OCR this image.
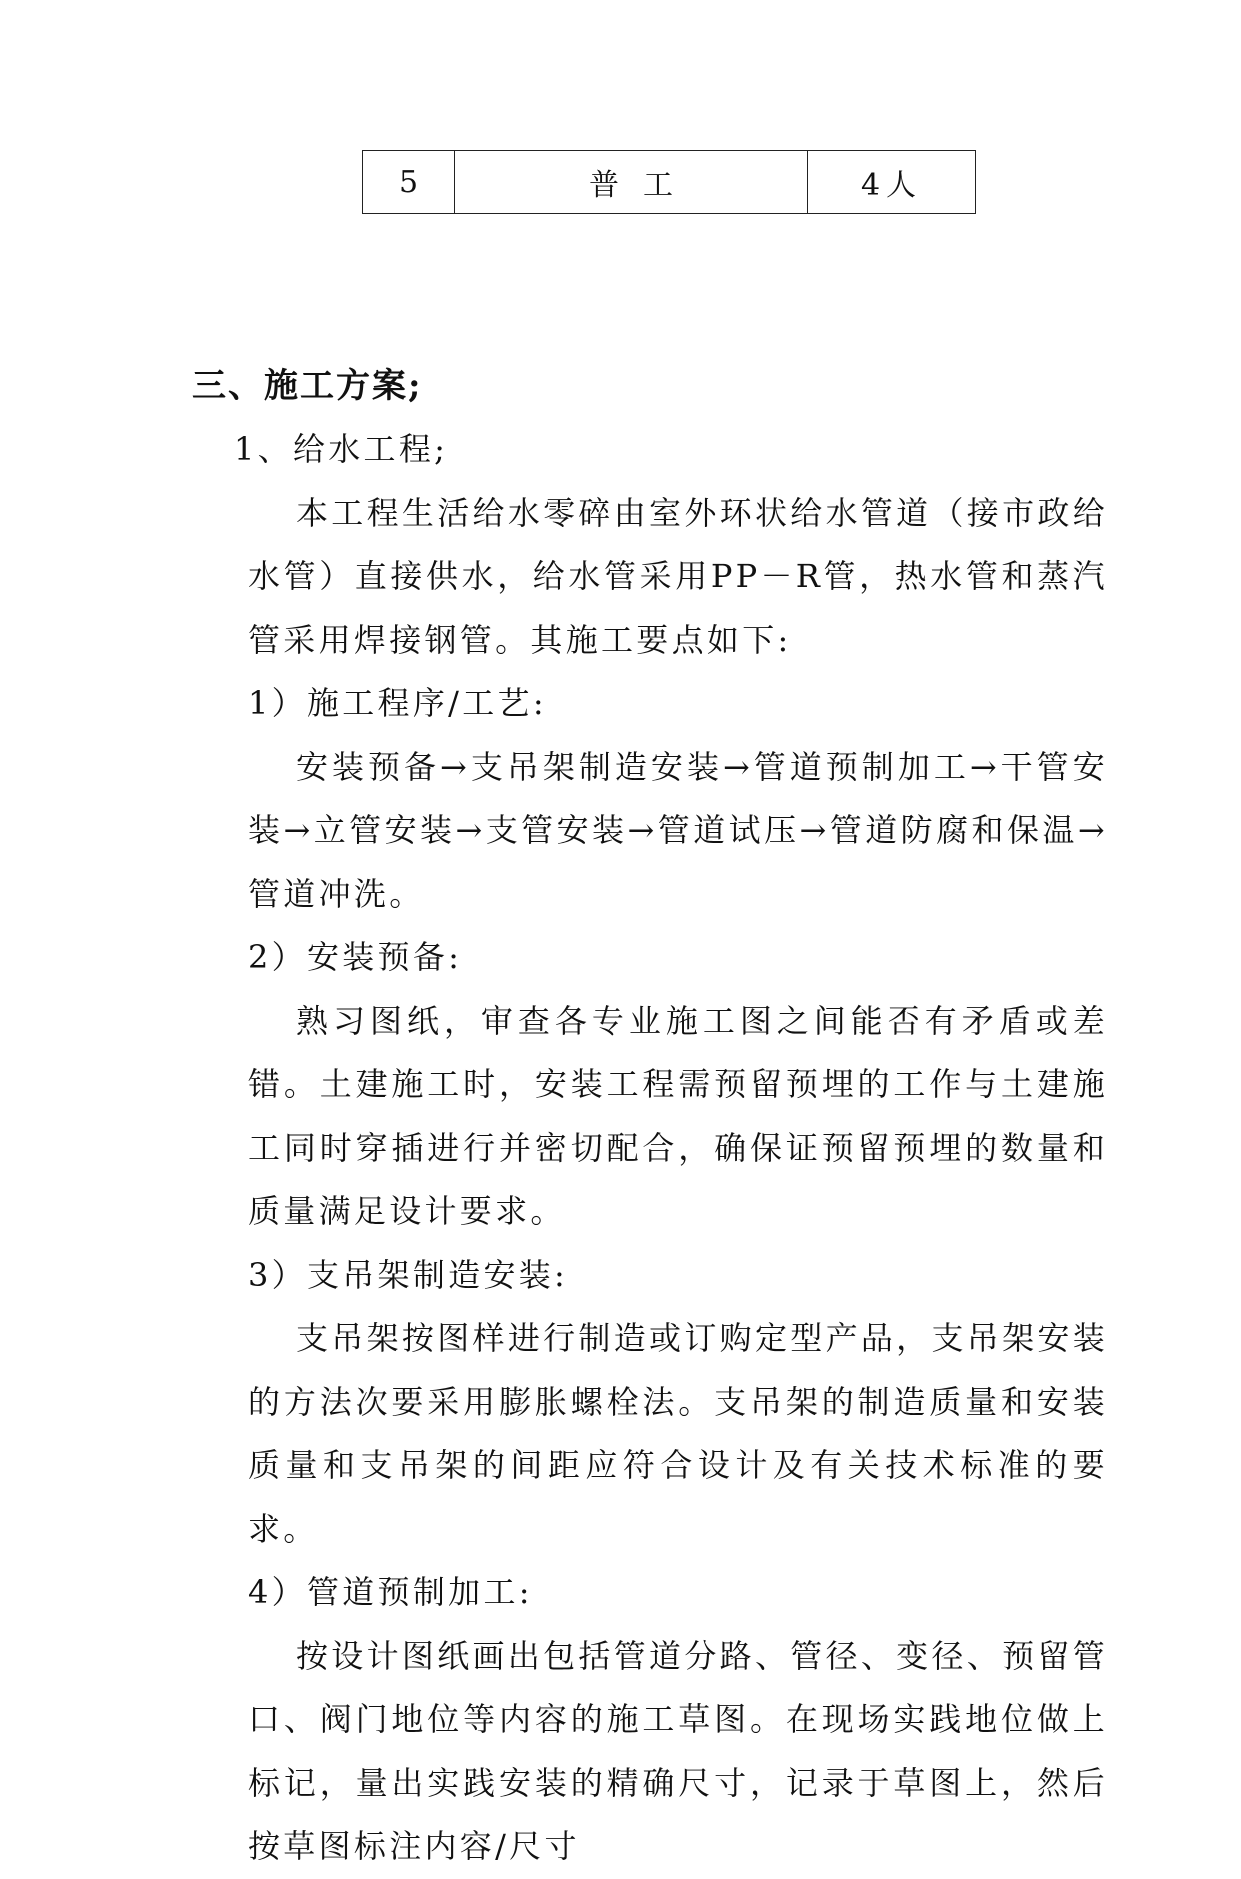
5	普工	4人
三、施工方案;

1、给水工程;

本工程生活给水零碎由室外环状给水管道（接市政给水管）直接供水，给水管采用PP－R管，热水管和蒸汽管采用焊接钢管。其施工要点如下:

1）施工程序/工艺:

安装预备→支吊架制造安装→管道预制加工→干管安装→立管安装→支管安装→管道试压→管道防腐和保温→管道冲洗。

2）安装预备:

熟习图纸，审查各专业施工图之间能否有矛盾或差错。土建施工时，安装工程需预留预埋的工作与土建施工同时穿插进行并密切配合，确保证预留预埋的数量和质量满足设计要求。

3）支吊架制造安装:

支吊架按图样进行制造或订购定型产品，支吊架安装的方法次要采用膨胀螺栓法。支吊架的制造质量和安装质量和支吊架的间距应符合设计及有关技术标准的要求。

4）管道预制加工:

按设计图纸画出包括管道分路、管径、变径、预留管口、阀门地位等内容的施工草图。在现场实践地位做上标记，量出实践安装的精确尺寸，记录于草图上，然后按草图标注内容/尺寸
